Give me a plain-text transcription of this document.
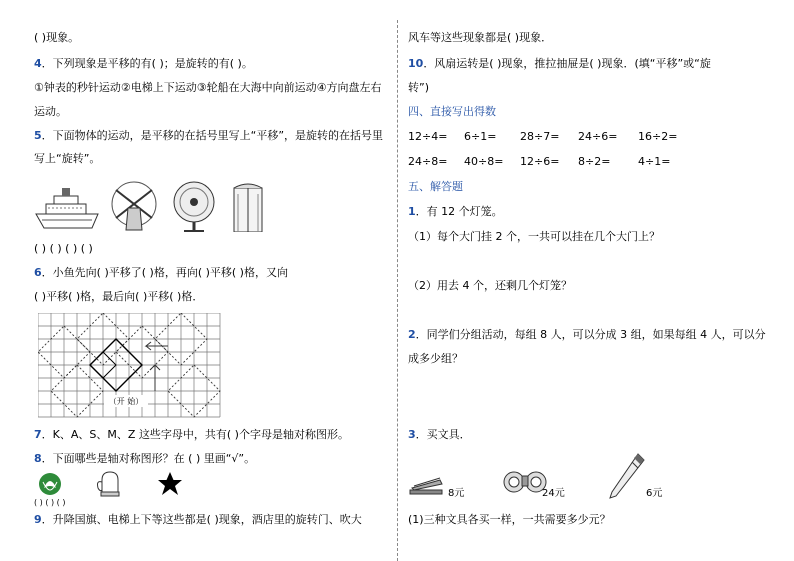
( )现象。
4．下列现象是平移的有( )；是旋转的有( )。
①钟表的秒针运动②电梯上下运动③轮船在大海中向前运动④方向盘左右
运动。
5．下面物体的运动，是平移的在括号里写上“平移”，是旋转的在括号里
写上“旋转”。
( ) ( ) ( ) ( )
6．小鱼先向( )平移了( )格，再向( )平移( )格，又向
( )平移( )格，最后向( )平移( )格．
（开 始）
7．K、A、S、M、Z 这些字母中，共有( )个字母是轴对称图形。
8．下面哪些是轴对称图形？在 ( ) 里画“√”。
( ) ( ) ( )
9．升降国旗、电梯上下等这些都是( )现象，酒店里的旋转门、吹大
风车等这些现象都是( )现象．
10．风扇运转是( )现象，推拉抽屉是( )现象．(填“平移”或“旋
转”)
四、直接写出得数
12÷4= 6÷1= 28÷7= 24÷6= 16÷2=
24÷8= 40÷8= 12÷6= 8÷2=	4÷1=
五、解答题
1．有 12 个灯笼。
（1）每个大门挂 2 个，一共可以挂在几个大门上？
（2）用去 4 个，还剩几个灯笼？
2．同学们分组活动，每组 8 人，可以分成 3 组，如果每组 4 人，可以分
成多少组？
3．买文具．
8元	24元	6元
(1)三种文具各买一样，一共需要多少元？
